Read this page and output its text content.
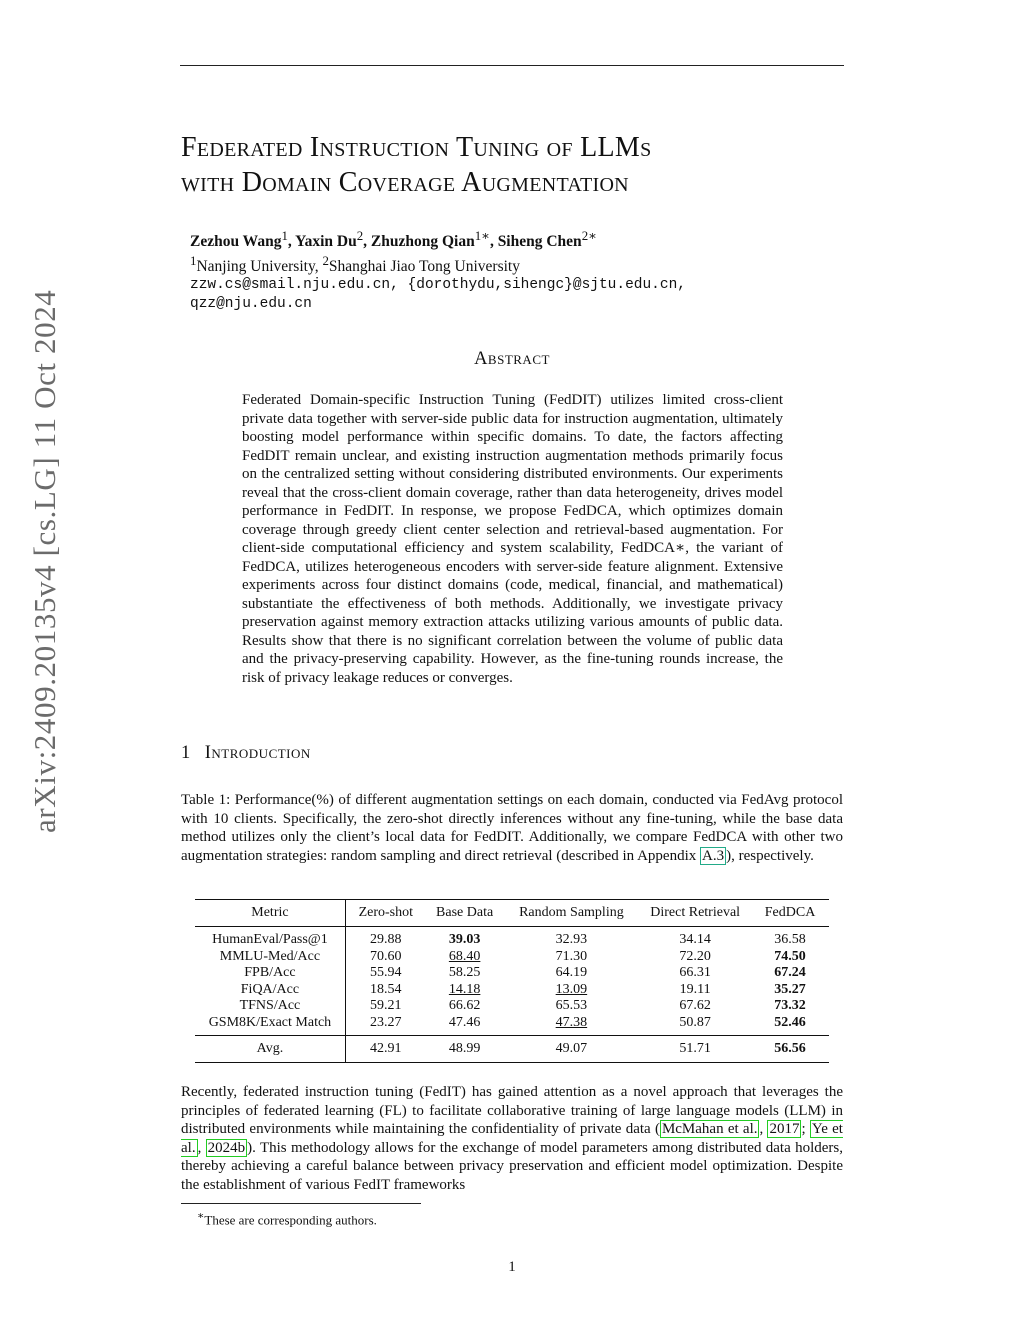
arXiv:2409.20135v4 [cs.LG] 11 Oct 2024
Federated Instruction Tuning of LLMs
with Domain Coverage Augmentation
Zezhou Wang$^1$, Yaxin Du$^2$, Zhuzhong Qian$^{1∗}$, Siheng Chen$^{2∗}$
$^1$Nanjing University, $^2$Shanghai Jiao Tong University
zzw.cs@smail.nju.edu.cn, {dorothydu,sihengc}@sjtu.edu.cn,
qzz@nju.edu.cn
Abstract
Federated Domain-specific Instruction Tuning (FedDIT) utilizes limited cross-client private data together with server-side public data for instruction augmentation, ultimately boosting model performance within specific domains. To date, the factors affecting FedDIT remain unclear, and existing instruction augmentation methods primarily focus on the centralized setting without considering distributed environments. Our experiments reveal that the cross-client domain coverage, rather than data heterogeneity, drives model performance in FedDIT. In response, we propose FedDCA, which optimizes domain coverage through greedy client center selection and retrieval-based augmentation. For client-side computational efficiency and system scalability, FedDCA∗, the variant of FedDCA, utilizes heterogeneous encoders with server-side feature alignment. Extensive experiments across four distinct domains (code, medical, financial, and mathematical) substantiate the effectiveness of both methods. Additionally, we investigate privacy preservation against memory extraction attacks utilizing various amounts of public data. Results show that there is no significant correlation between the volume of public data and the privacy-preserving capability. However, as the fine-tuning rounds increase, the risk of privacy leakage reduces or converges.
1 Introduction
Table 1: Performance(%) of different augmentation settings on each domain, conducted via FedAvg protocol with 10 clients. Specifically, the zero-shot directly inferences without any fine-tuning, while the base data method utilizes only the client’s local data for FedDIT. Additionally, we compare FedDCA with other two augmentation strategies: random sampling and direct retrieval (described in Appendix A.3 ), respectively.
Metric	Zero-shot	Base Data	Random Sampling	Direct Retrieval	FedDCA
HumanEval/Pass@1	29.88	39.03	32.93	34.14	36.58
MMLU-Med/Acc	70.60	68.40	71.30	72.20	74.50
FPB/Acc	55.94	58.25	64.19	66.31	67.24
FiQA/Acc	18.54	14.18	13.09	19.11	35.27
TFNS/Acc	59.21	66.62	65.53	67.62	73.32
GSM8K/Exact Match	23.27	47.46	47.38	50.87	52.46
Avg.	42.91	48.99	49.07	51.71	56.56
Recently, federated instruction tuning (FedIT) has gained attention as a novel approach that leverages the principles of federated learning (FL) to facilitate collaborative training of large language models (LLM) in distributed environments while maintaining the confidentiality of private data ( McMahan et al. , 2017 ; Ye et al. , 2024b ). This methodology allows for the exchange of model parameters among distributed data holders, thereby achieving a careful balance between privacy preservation and efficient model optimization. Despite the establishment of various FedIT frameworks
∗These are corresponding authors.
1
